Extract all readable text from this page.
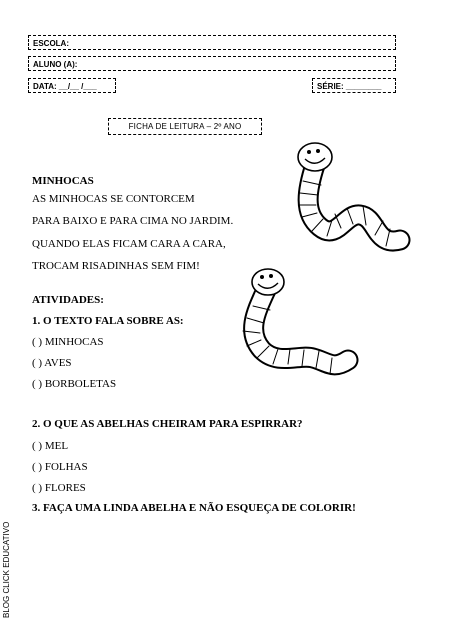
ESCOLA:
ALUNO (A):
DATA: __/__ /___	SÉRIE: ________
FICHA DE LEITURA – 2º ANO
MINHOCAS
AS MINHOCAS SE CONTORCEM
PARA BAIXO E PARA CIMA NO JARDIM.
QUANDO ELAS FICAM CARA A CARA,
TROCAM RISADINHAS SEM FIM!
ATIVIDADES:
1. O TEXTO FALA SOBRE AS:
( ) MINHOCAS
( ) AVES
( ) BORBOLETAS
2. O QUE AS ABELHAS CHEIRAM PARA ESPIRRAR?
( ) MEL
( ) FOLHAS
( ) FLORES
3. FAÇA UMA LINDA ABELHA E NÃO ESQUEÇA DE COLORIR!
BLOG CLICK EDUCATIVO
